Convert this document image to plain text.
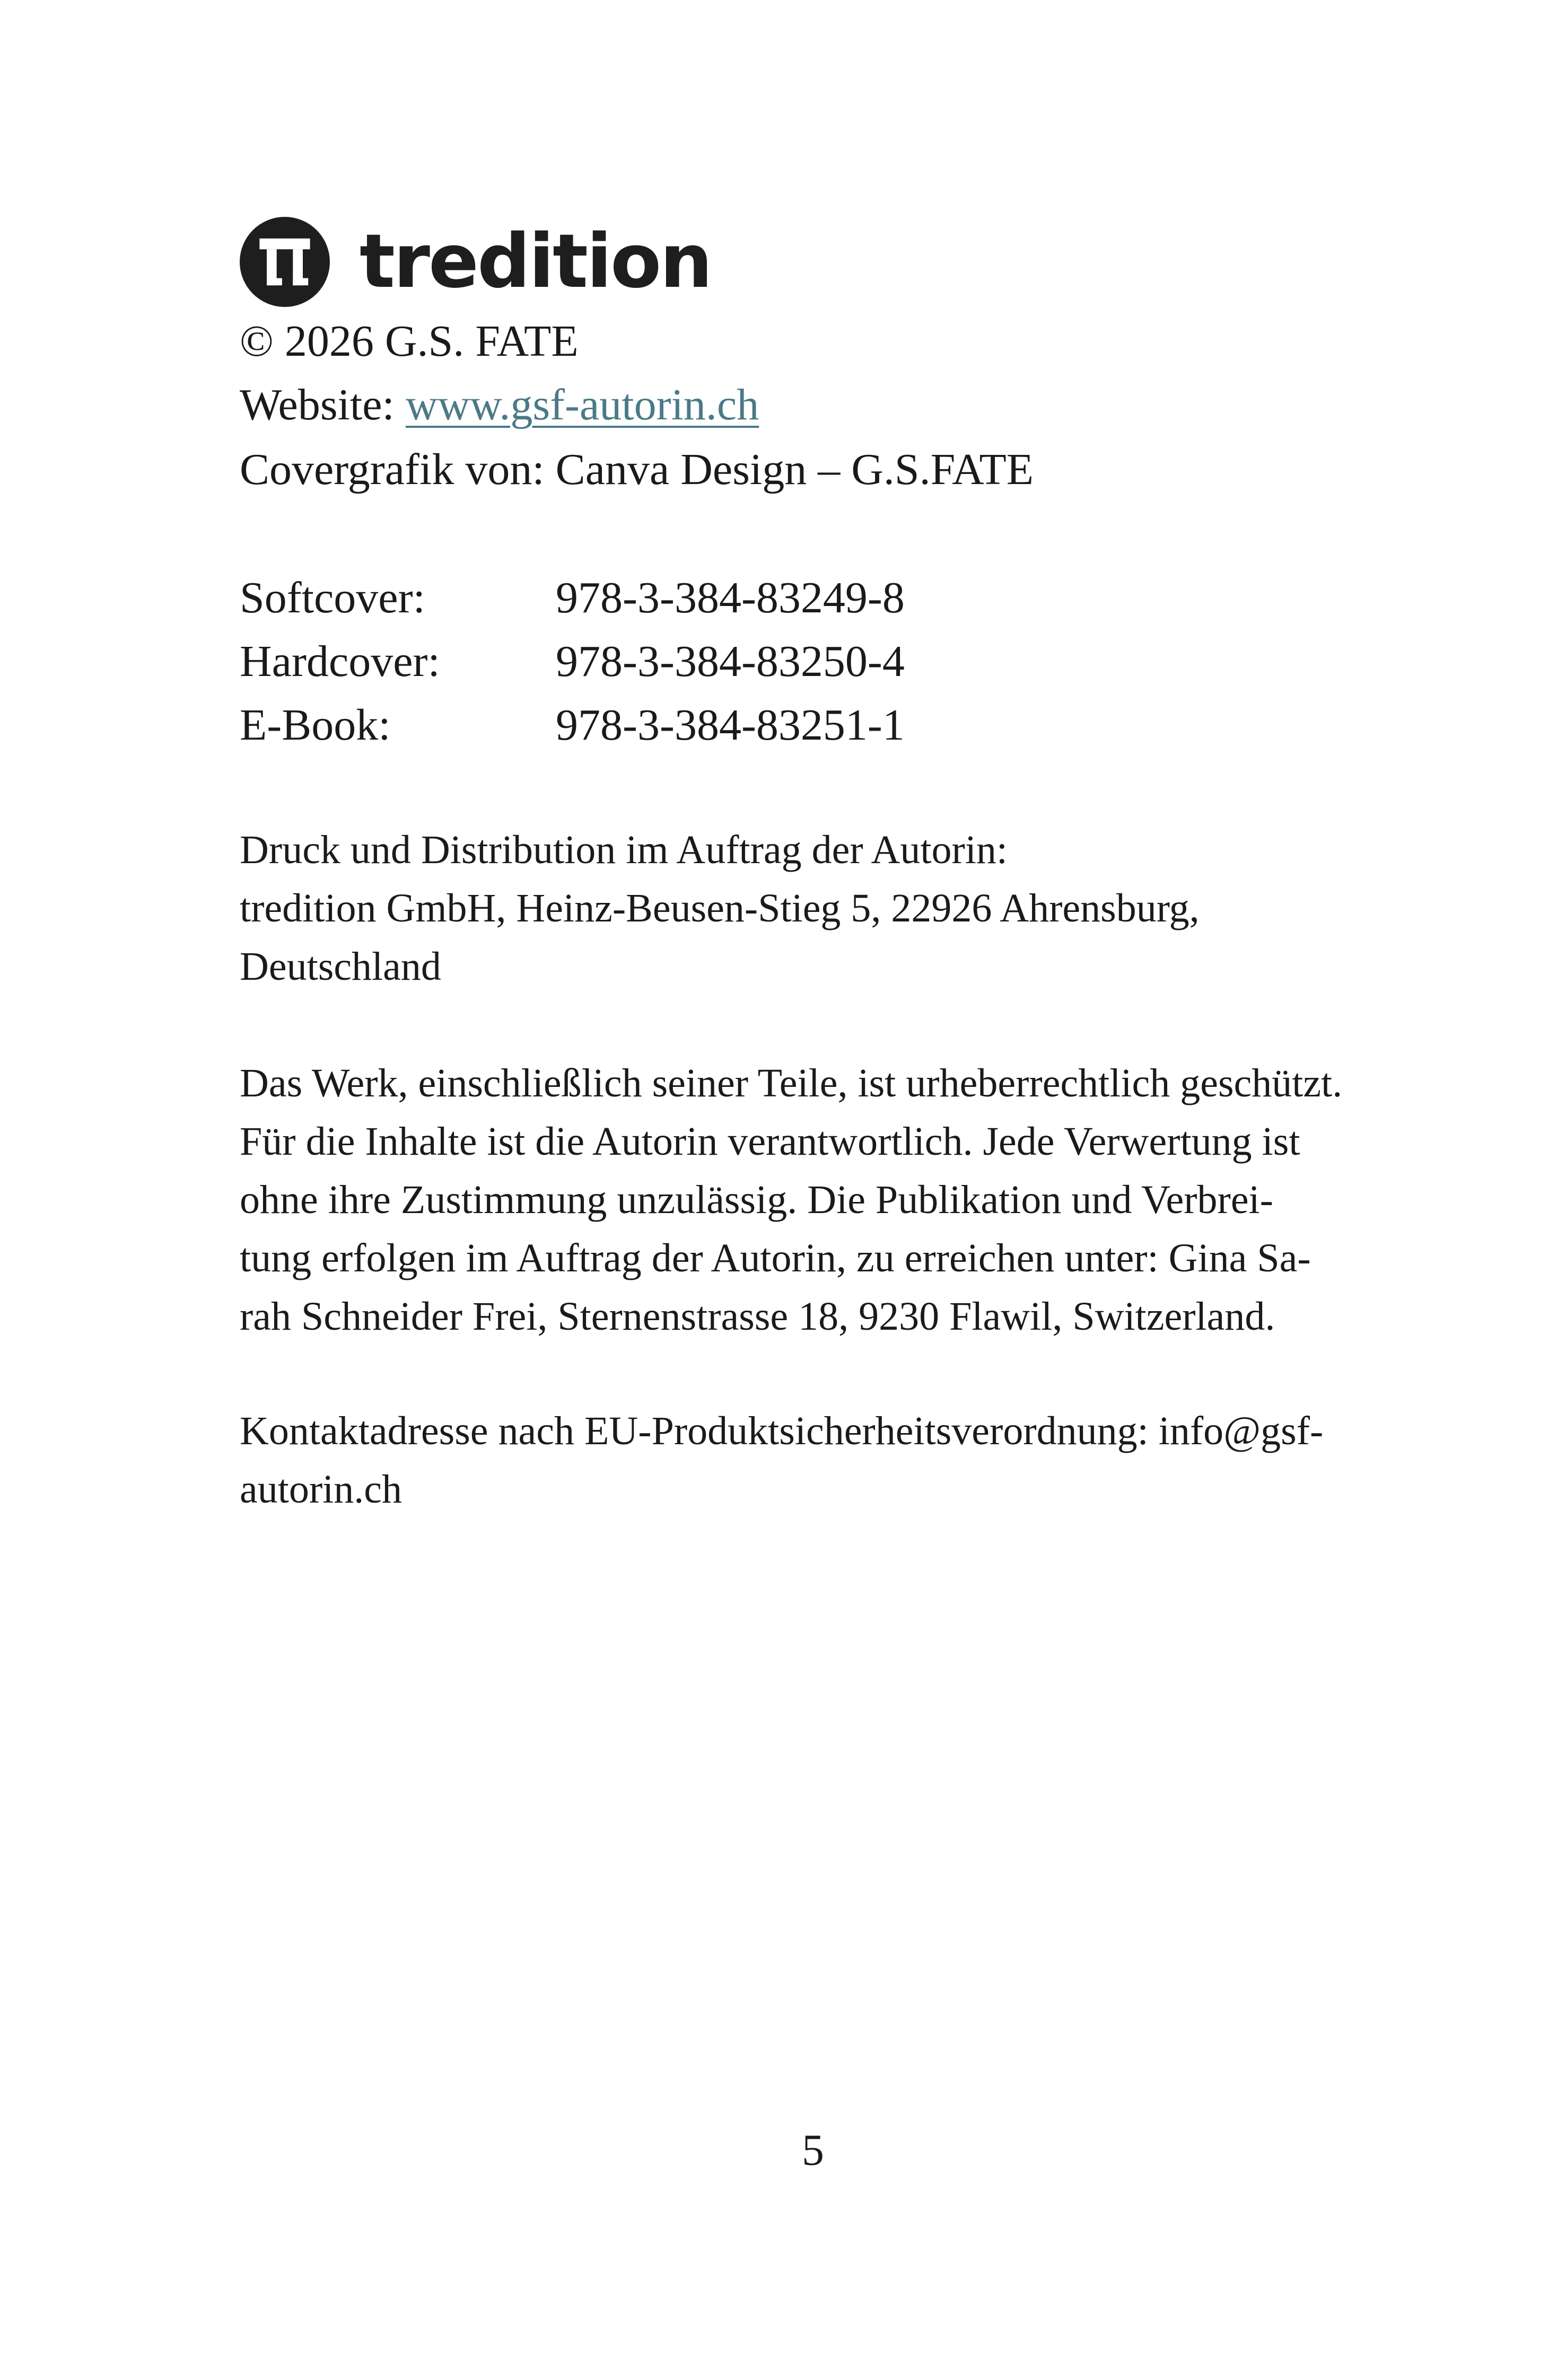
tredition

© 2026 G.S. FATE

Website: www.gsf-autorin.ch

Covergrafik von: Canva Design – G.S.FATE

Softcover:	978-3-384-83249-8
Hardcover:	978-3-384-83250-4
E-Book:	978-3-384-83251-1
Druck und Distribution im Auftrag der Autorin:
tredition GmbH, Heinz-Beusen-Stieg 5, 22926 Ahrensburg,
Deutschland
Das Werk, einschließlich seiner Teile, ist urheberrechtlich geschützt.
Für die Inhalte ist die Autorin verantwortlich. Jede Verwertung ist
ohne ihre Zustimmung unzulässig. Die Publikation und Verbrei-
tung erfolgen im Auftrag der Autorin, zu erreichen unter: Gina Sa-
rah Schneider Frei, Sternenstrasse 18, 9230 Flawil, Switzerland.
Kontaktadresse nach EU-Produktsicherheitsverordnung: info@gsf-
autorin.ch
5
